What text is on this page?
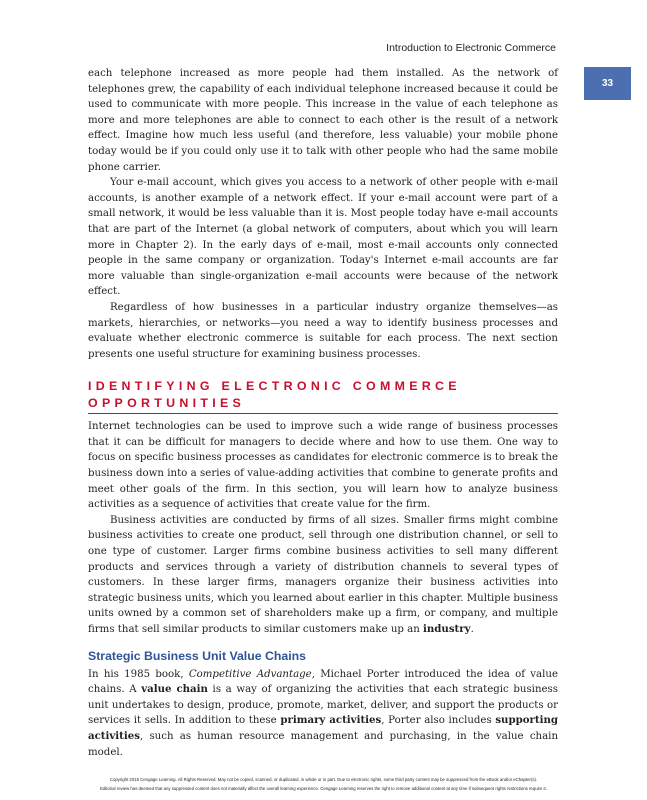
Introduction to Electronic Commerce
33

each telephone increased as more people had them installed. As the network of telephones grew, the capability of each individual telephone increased because it could be used to communicate with more people. This increase in the value of each telephone as more and more telephones are able to connect to each other is the result of a network effect. Imagine how much less useful (and therefore, less valuable) your mobile phone today would be if you could only use it to talk with other people who had the same mobile phone carrier.

Your e-mail account, which gives you access to a network of other people with e-mail accounts, is another example of a network effect. If your e-mail account were part of a small network, it would be less valuable than it is. Most people today have e-mail accounts that are part of the Internet (a global network of computers, about which you will learn more in Chapter 2). In the early days of e-mail, most e-mail accounts only connected people in the same company or organization. Today's Internet e-mail accounts are far more valuable than single-organization e-mail accounts were because of the network effect.

Regardless of how businesses in a particular industry organize themselves—as markets, hierarchies, or networks—you need a way to identify business processes and evaluate whether electronic commerce is suitable for each process. The next section presents one useful structure for examining business processes.

IDENTIFYING ELECTRONIC COMMERCE OPPORTUNITIES

Internet technologies can be used to improve such a wide range of business processes that it can be difficult for managers to decide where and how to use them. One way to focus on specific business processes as candidates for electronic commerce is to break the business down into a series of value-adding activities that combine to generate profits and meet other goals of the firm. In this section, you will learn how to analyze business activities as a sequence of activities that create value for the firm.

Business activities are conducted by firms of all sizes. Smaller firms might combine business activities to create one product, sell through one distribution channel, or sell to one type of customer. Larger firms combine business activities to sell many different products and services through a variety of distribution channels to several types of customers. In these larger firms, managers organize their business activities into strategic business units, which you learned about earlier in this chapter. Multiple business units owned by a common set of shareholders make up a firm, or company, and multiple firms that sell similar products to similar customers make up an industry.

Strategic Business Unit Value Chains

In his 1985 book, Competitive Advantage, Michael Porter introduced the idea of value chains. A value chain is a way of organizing the activities that each strategic business unit undertakes to design, produce, promote, market, deliver, and support the products or services it sells. In addition to these primary activities, Porter also includes supporting activities, such as human resource management and purchasing, in the value chain model.

Copyright 2015 Cengage Learning. All Rights Reserved. May not be copied, scanned, or duplicated, in whole or in part. Due to electronic rights, some third party content may be suppressed from the eBook and/or eChapter(s).
Editorial review has deemed that any suppressed content does not materially affect the overall learning experience. Cengage Learning reserves the right to remove additional content at any time if subsequent rights restrictions require it.
